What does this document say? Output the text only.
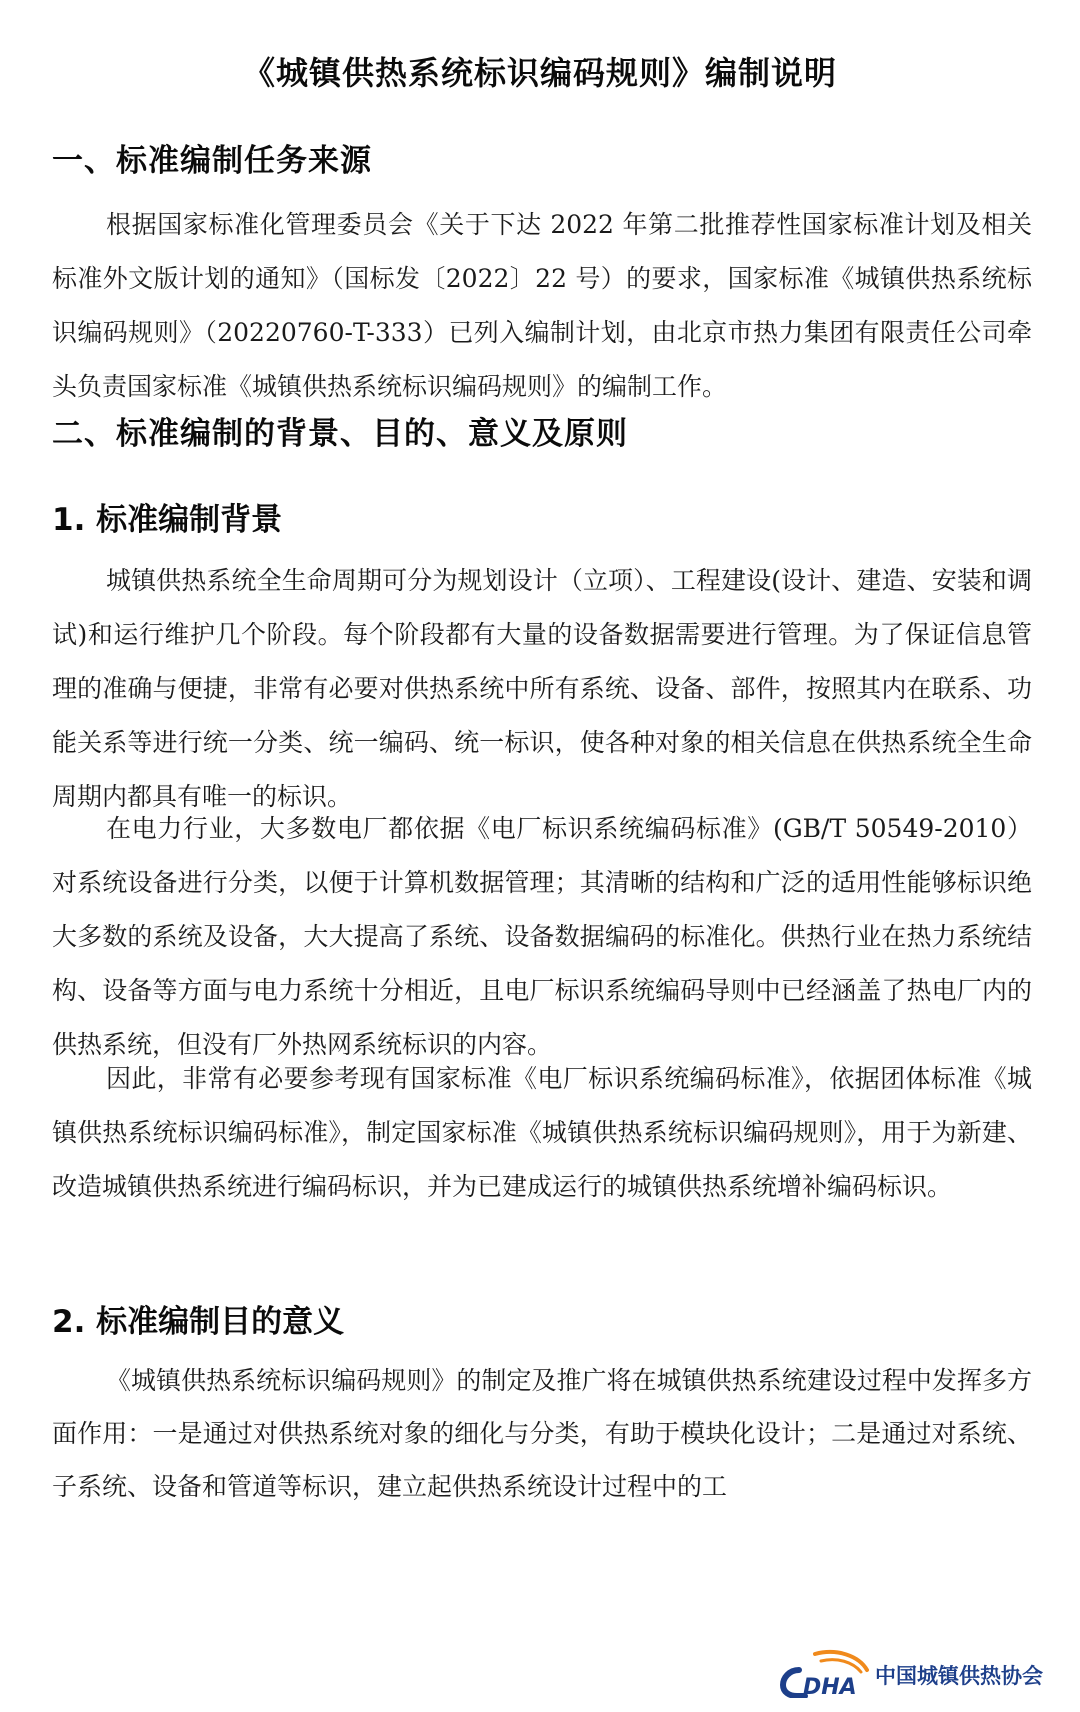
《城镇供热系统标识编码规则》编制说明
一、标准编制任务来源

根据国家标准化管理委员会《关于下达 2022 年第二批推荐性国家标准计划及相关标准外文版计划的通知》（国标发〔2022〕22 号）的要求，国家标准《城镇供热系统标识编码规则》（20220760-T-333）已列入编制计划，由北京市热力集团有限责任公司牵头负责国家标准《城镇供热系统标识编码规则》的编制工作。

二、标准编制的背景、目的、意义及原则
1. 标准编制背景

城镇供热系统全生命周期可分为规划设计（立项）、工程建设(设计、建造、安装和调试)和运行维护几个阶段。每个阶段都有大量的设备数据需要进行管理。为了保证信息管理的准确与便捷，非常有必要对供热系统中所有系统、设备、部件，按照其内在联系、功能关系等进行统一分类、统一编码、统一标识，使各种对象的相关信息在供热系统全生命周期内都具有唯一的标识。

在电力行业，大多数电厂都依据《电厂标识系统编码标准》(GB/T 50549-2010）对系统设备进行分类，以便于计算机数据管理；其清晰的结构和广泛的适用性能够标识绝大多数的系统及设备，大大提高了系统、设备数据编码的标准化。供热行业在热力系统结构、设备等方面与电力系统十分相近，且电厂标识系统编码导则中已经涵盖了热电厂内的供热系统，但没有厂外热网系统标识的内容。

因此，非常有必要参考现有国家标准《电厂标识系统编码标准》，依据团体标准《城镇供热系统标识编码标准》，制定国家标准《城镇供热系统标识编码规则》，用于为新建、改造城镇供热系统进行编码标识，并为已建成运行的城镇供热系统增补编码标识。

2. 标准编制目的意义

《城镇供热系统标识编码规则》的制定及推广将在城镇供热系统建设过程中发挥多方面作用：一是通过对供热系统对象的细化与分类，有助于模块化设计；二是通过对系统、子系统、设备和管道等标识，建立起供热系统设计过程中的工

DHA 中国城镇供热协会
